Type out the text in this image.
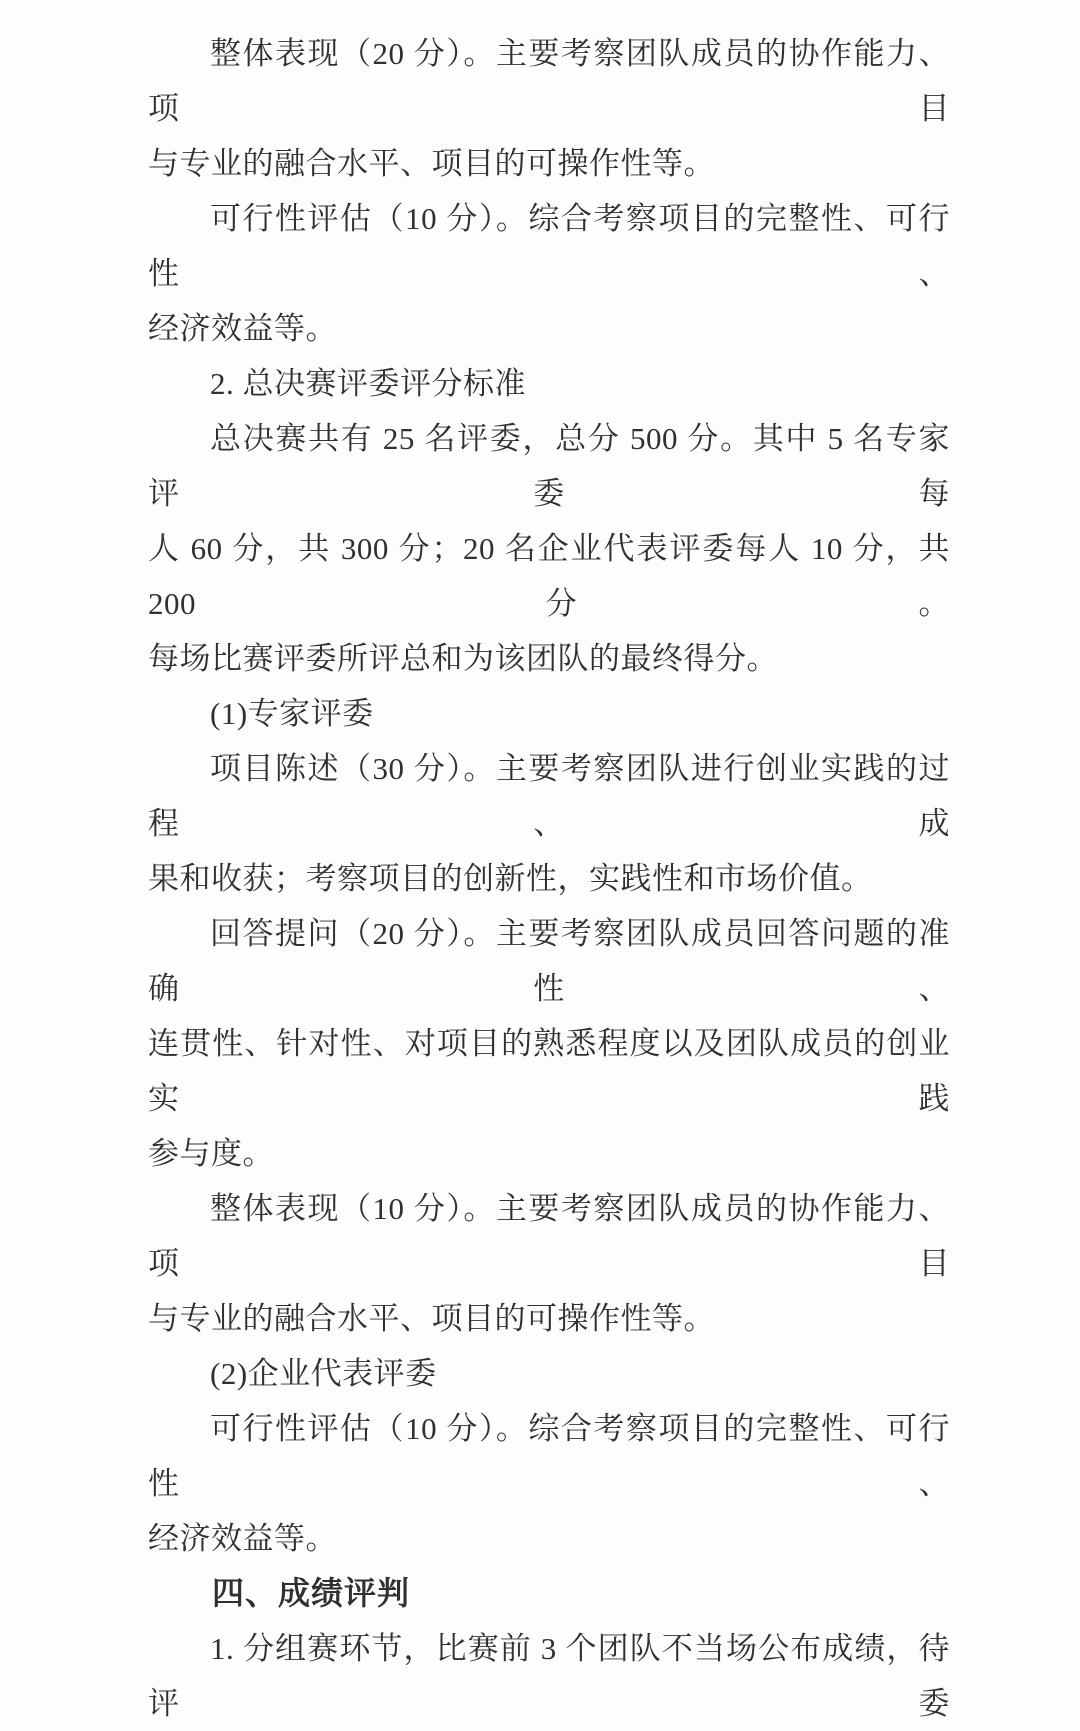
整体表现（20 分）。主要考察团队成员的协作能力、项目
与专业的融合水平、项目的可操作性等。
可行性评估（10 分）。综合考察项目的完整性、可行性、
经济效益等。
2. 总决赛评委评分标准
总决赛共有 25 名评委，总分 500 分。其中 5 名专家评委每
人 60 分，共 300 分；20 名企业代表评委每人 10 分，共 200 分。
每场比赛评委所评总和为该团队的最终得分。
(1)专家评委
项目陈述（30 分）。主要考察团队进行创业实践的过程、成
果和收获；考察项目的创新性，实践性和市场价值。
回答提问（20 分）。主要考察团队成员回答问题的准确性、
连贯性、针对性、对项目的熟悉程度以及团队成员的创业实践
参与度。
整体表现（10 分）。主要考察团队成员的协作能力、项目
与专业的融合水平、项目的可操作性等。
(2)企业代表评委
可行性评估（10 分）。综合考察项目的完整性、可行性、
经济效益等。
四、成绩评判
1. 分组赛环节，比赛前 3 个团队不当场公布成绩，待评委
